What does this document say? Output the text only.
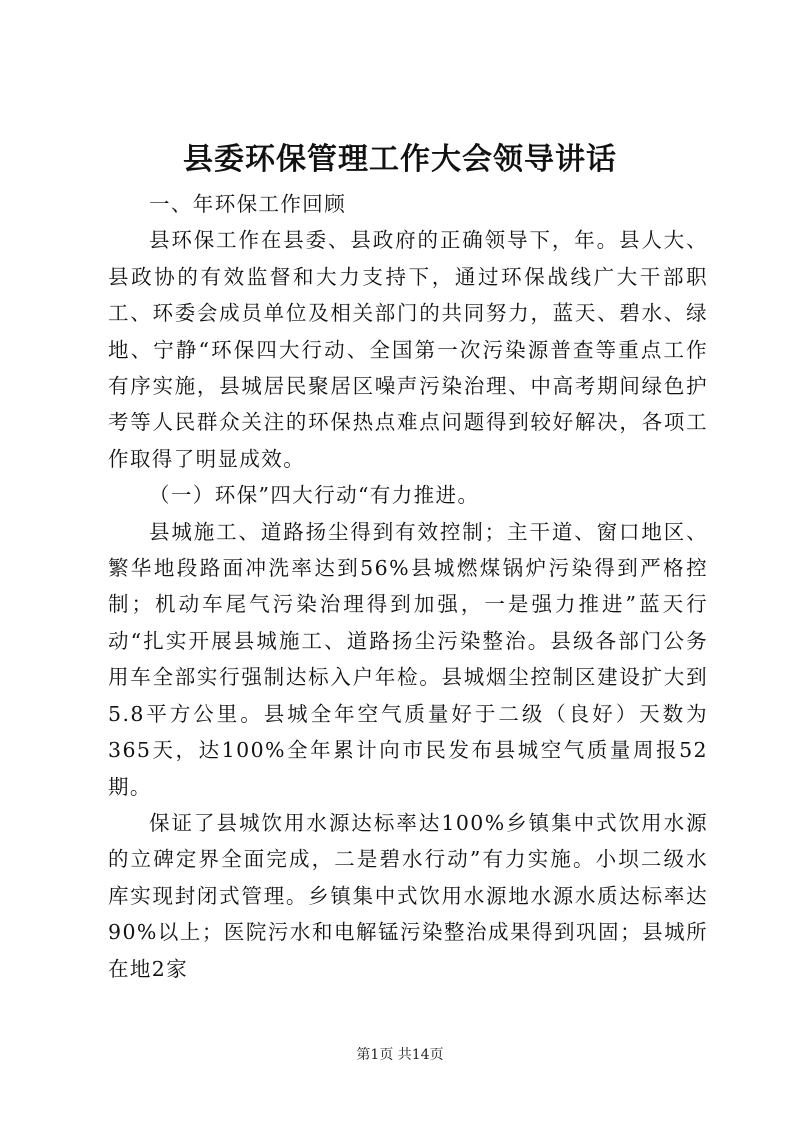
县委环保管理工作大会领导讲话

一、年环保工作回顾

县环保工作在县委、县政府的正确领导下，年。县人大、县政协的有效监督和大力支持下，通过环保战线广大干部职工、环委会成员单位及相关部门的共同努力，蓝天、碧水、绿地、宁静“环保四大行动、全国第一次污染源普查等重点工作有序实施，县城居民聚居区噪声污染治理、中高考期间绿色护考等人民群众关注的环保热点难点问题得到较好解决，各项工作取得了明显成效。

（一）环保”四大行动“有力推进。

县城施工、道路扬尘得到有效控制；主干道、窗口地区、繁华地段路面冲洗率达到56%县城燃煤锅炉污染得到严格控制；机动车尾气污染治理得到加强，一是强力推进”蓝天行动“扎实开展县城施工、道路扬尘污染整治。县级各部门公务用车全部实行强制达标入户年检。县城烟尘控制区建设扩大到5.8平方公里。县城全年空气质量好于二级（良好）天数为365天，达100%全年累计向市民发布县城空气质量周报52期。

保证了县城饮用水源达标率达100%乡镇集中式饮用水源的立碑定界全面完成，二是碧水行动”有力实施。小坝二级水库实现封闭式管理。乡镇集中式饮用水源地水源水质达标率达90%以上；医院污水和电解锰污染整治成果得到巩固；县城所在地2家

第1页 共14页
